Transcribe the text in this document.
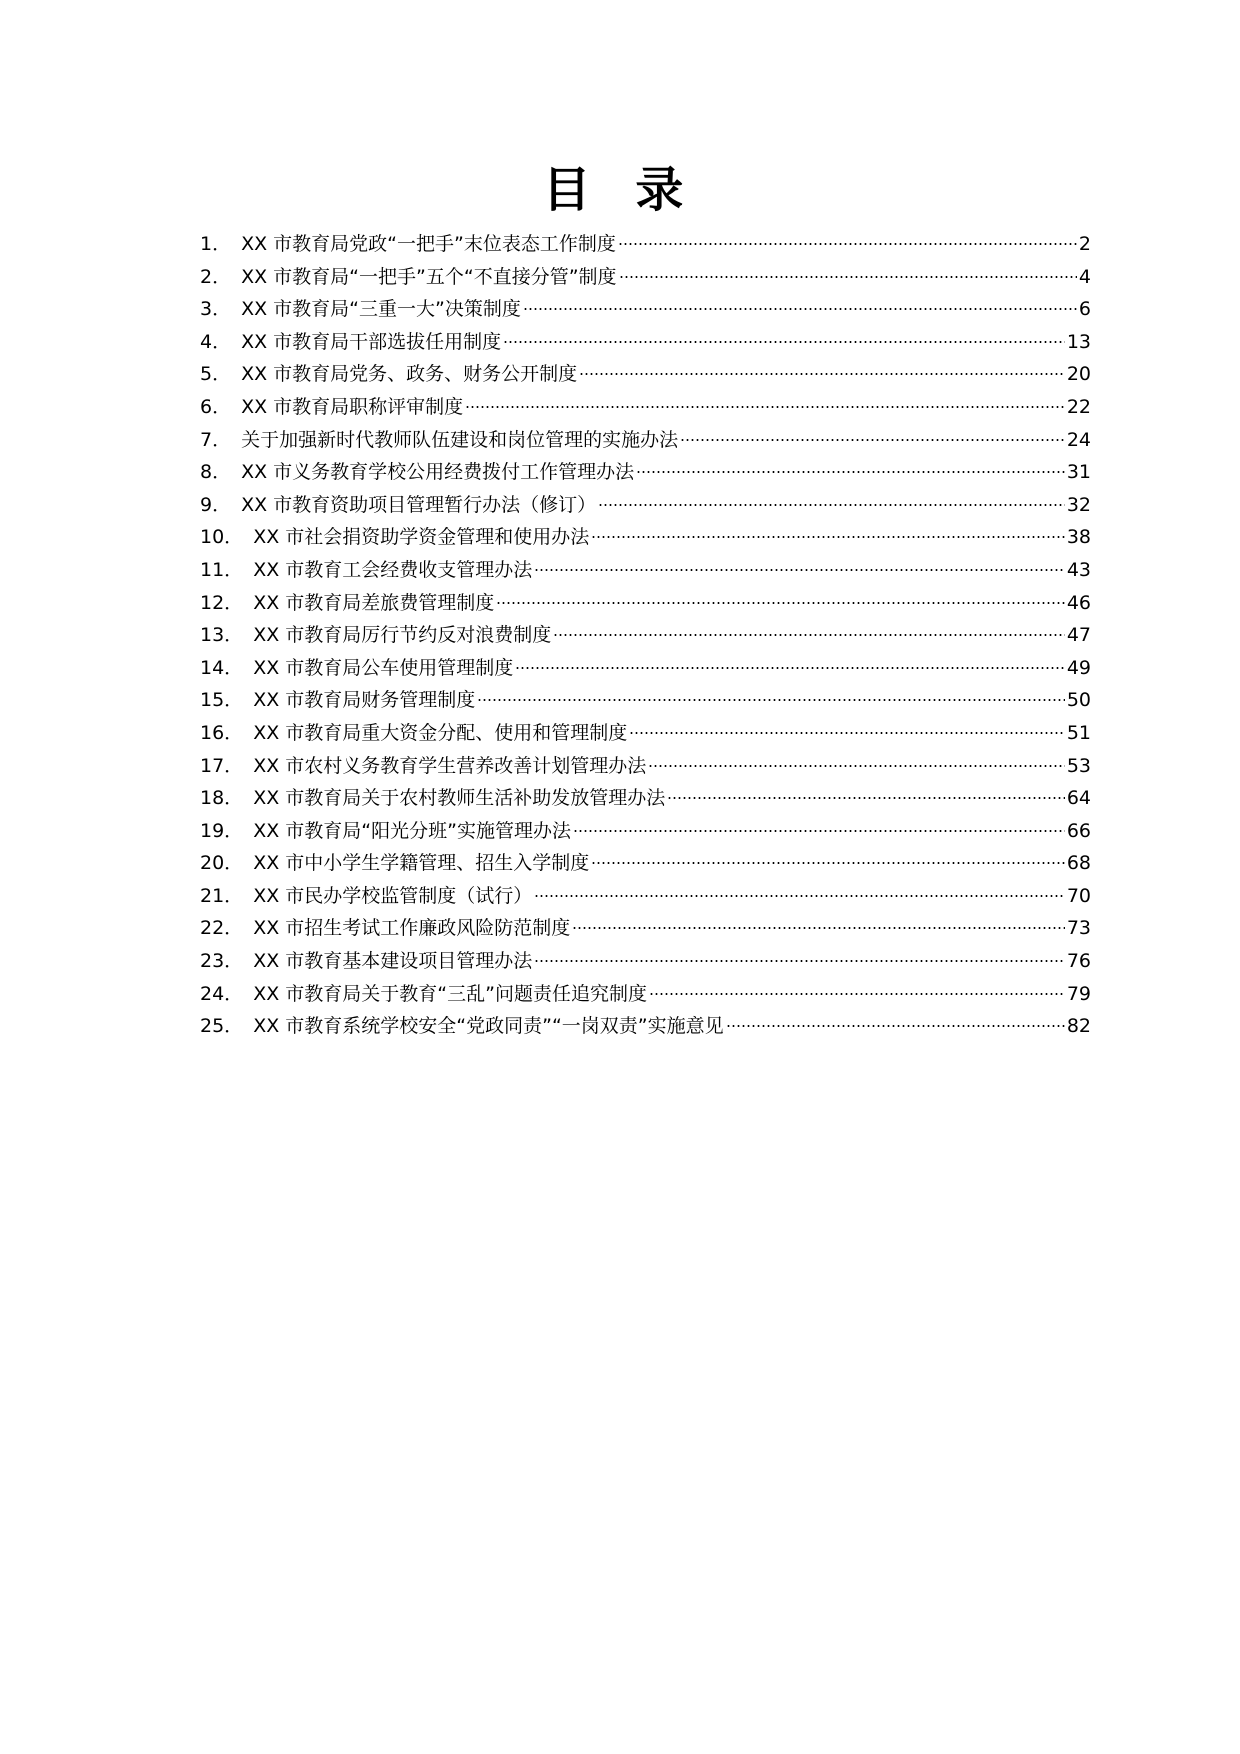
目 录
1． XX 市教育局党政“一把手”末位表态工作制度	2
2． XX 市教育局“一把手”五个“不直接分管”制度	4
3． XX 市教育局“三重一大”决策制度	6
4． XX 市教育局干部选拔任用制度	13
5． XX 市教育局党务、政务、财务公开制度	20
6． XX 市教育局职称评审制度	22
7． 关于加强新时代教师队伍建设和岗位管理的实施办法	24
8． XX 市义务教育学校公用经费拨付工作管理办法	31
9． XX 市教育资助项目管理暂行办法（修订）	32
10． XX 市社会捐资助学资金管理和使用办法	38
11． XX 市教育工会经费收支管理办法	43
12． XX 市教育局差旅费管理制度	46
13． XX 市教育局厉行节约反对浪费制度	47
14． XX 市教育局公车使用管理制度	49
15． XX 市教育局财务管理制度	50
16． XX 市教育局重大资金分配、使用和管理制度	51
17． XX 市农村义务教育学生营养改善计划管理办法	53
18． XX 市教育局关于农村教师生活补助发放管理办法	64
19． XX 市教育局“阳光分班”实施管理办法	66
20． XX 市中小学生学籍管理、招生入学制度	68
21． XX 市民办学校监管制度（试行）	70
22． XX 市招生考试工作廉政风险防范制度	73
23． XX 市教育基本建设项目管理办法	76
24． XX 市教育局关于教育“三乱”问题责任追究制度	79
25． XX 市教育系统学校安全“党政同责”“一岗双责”实施意见	82
